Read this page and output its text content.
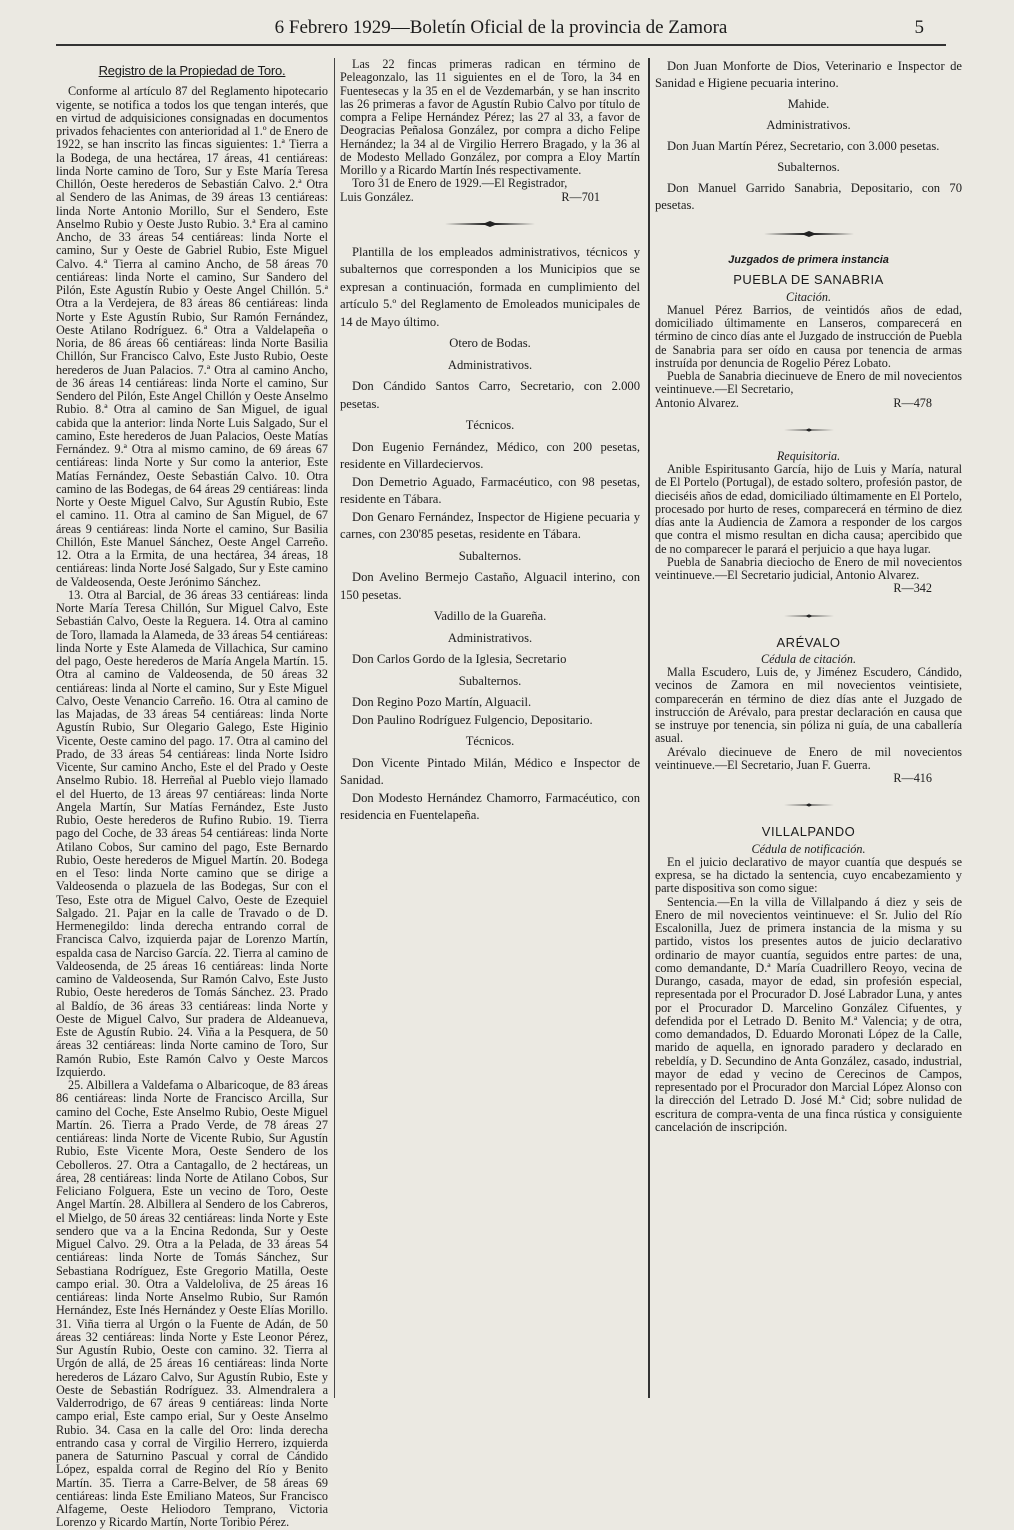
6 Febrero 1929—Boletín Oficial de la provincia de Zamora	5
Registro de la Propiedad de Toro.

Conforme al artículo 87 del Reglamento hipotecario vigente, se notifica a todos los que tengan interés, que en virtud de adquisiciones consignadas en documentos privados fehacientes con anterioridad al 1.º de Enero de 1922, se han inscrito las fincas siguientes: 1.ª Tierra a la Bodega, de una hectárea, 17 áreas, 41 centiáreas: linda Norte camino de Toro, Sur y Este María Teresa Chillón, Oeste herederos de Sebastián Calvo. 2.ª Otra al Sendero de las Animas, de 39 áreas 13 centiáreas: linda Norte Antonio Morillo, Sur el Sendero, Este Anselmo Rubio y Oeste Justo Rubio. 3.ª Era al camino Ancho, de 33 áreas 54 centiáreas: linda Norte el camino, Sur y Oeste de Gabriel Rubio, Este Miguel Calvo. 4.ª Tierra al camino Ancho, de 58 áreas 70 centiáreas: linda Norte el camino, Sur Sandero del Pilón, Este Agustín Rubio y Oeste Angel Chillón. 5.ª Otra a la Verdejera, de 83 áreas 86 centiáreas: linda Norte y Este Agustín Rubio, Sur Ramón Fernández, Oeste Atilano Rodríguez. 6.ª Otra a Valdelapeña o Noria, de 86 áreas 66 centiáreas: linda Norte Basilia Chillón, Sur Francisco Calvo, Este Justo Rubio, Oeste herederos de Juan Palacios. 7.ª Otra al camino Ancho, de 36 áreas 14 centiáreas: linda Norte el camino, Sur Sendero del Pilón, Este Angel Chillón y Oeste Anselmo Rubio. 8.ª Otra al camino de San Miguel, de igual cabida que la anterior: linda Norte Luis Salgado, Sur el camino, Este herederos de Juan Palacios, Oeste Matías Fernández. 9.ª Otra al mismo camino, de 69 áreas 67 centiáreas: linda Norte y Sur como la anterior, Este Matías Fernández, Oeste Sebastián Calvo. 10. Otra camino de las Bodegas, de 64 áreas 29 centiáreas: linda Norte y Oeste Miguel Calvo, Sur Agustín Rubio, Este el camino. 11. Otra al camino de San Miguel, de 67 áreas 9 centiáreas: linda Norte el camino, Sur Basilia Chillón, Este Manuel Sánchez, Oeste Angel Carreño. 12. Otra a la Ermita, de una hectárea, 34 áreas, 18 centiáreas: linda Norte José Salgado, Sur y Este camino de Valdeosenda, Oeste Jerónimo Sánchez.

13. Otra al Barcial, de 36 áreas 33 centiáreas: linda Norte María Teresa Chillón, Sur Miguel Calvo, Este Sebastián Calvo, Oeste la Reguera. 14. Otra al camino de Toro, llamada la Alameda, de 33 áreas 54 centiáreas: linda Norte y Este Alameda de Villachica, Sur camino del pago, Oeste herederos de María Angela Martín. 15. Otra al camino de Valdeosenda, de 50 áreas 32 centiáreas: linda al Norte el camino, Sur y Este Miguel Calvo, Oeste Venancio Carreño. 16. Otra al camino de las Majadas, de 33 áreas 54 centiáreas: linda Norte Agustín Rubio, Sur Olegario Galego, Este Higinio Vicente, Oeste camino del pago. 17. Otra al camino del Prado, de 33 áreas 54 centiáreas: linda Norte Isidro Vicente, Sur camino Ancho, Este el del Prado y Oeste Anselmo Rubio. 18. Herreñal al Pueblo viejo llamado el del Huerto, de 13 áreas 97 centiáreas: linda Norte Angela Martín, Sur Matías Fernández, Este Justo Rubio, Oeste herederos de Rufino Rubio. 19. Tierra pago del Coche, de 33 áreas 54 centiáreas: linda Norte Atilano Cobos, Sur camino del pago, Este Bernardo Rubio, Oeste herederos de Miguel Martín. 20. Bodega en el Teso: linda Norte camino que se dirige a Valdeosenda o plazuela de las Bodegas, Sur con el Teso, Este otra de Miguel Calvo, Oeste de Ezequiel Salgado. 21. Pajar en la calle de Travado o de D. Hermenegildo: linda derecha entrando corral de Francisca Calvo, izquierda pajar de Lorenzo Martín, espalda casa de Narciso García. 22. Tierra al camino de Valdeosenda, de 25 áreas 16 centiáreas: linda Norte camino de Valdeosenda, Sur Ramón Calvo, Este Justo Rubio, Oeste herederos de Tomás Sánchez. 23. Prado al Baldío, de 36 áreas 33 centiáreas: linda Norte y Oeste de Miguel Calvo, Sur pradera de Aldeanueva, Este de Agustín Rubio. 24. Viña a la Pesquera, de 50 áreas 32 centiáreas: linda Norte camino de Toro, Sur Ramón Rubio, Este Ramón Calvo y Oeste Marcos Izquierdo.

25. Albillera a Valdefama o Albaricoque, de 83 áreas 86 centiáreas: linda Norte de Francisco Arcilla, Sur camino del Coche, Este Anselmo Rubio, Oeste Miguel Martín. 26. Tierra a Prado Verde, de 78 áreas 27 centiáreas: linda Norte de Vicente Rubio, Sur Agustín Rubio, Este Vicente Mora, Oeste Sendero de los Cebolleros. 27. Otra a Cantagallo, de 2 hectáreas, un área, 28 centiáreas: linda Norte de Atilano Cobos, Sur Feliciano Folguera, Este un vecino de Toro, Oeste Angel Martín. 28. Albillera al Sendero de los Cabreros, el Mielgo, de 50 áreas 32 centiáreas: linda Norte y Este sendero que va a la Encina Redonda, Sur y Oeste Miguel Calvo. 29. Otra a la Pelada, de 33 áreas 54 centiáreas: linda Norte de Tomás Sánchez, Sur Sebastiana Rodríguez, Este Gregorio Matilla, Oeste campo erial. 30. Otra a Valdeloliva, de 25 áreas 16 centiáreas: linda Norte Anselmo Rubio, Sur Ramón Hernández, Este Inés Hernández y Oeste Elías Morillo. 31. Viña tierra al Urgón o la Fuente de Adán, de 50 áreas 32 centiáreas: linda Norte y Este Leonor Pérez, Sur Agustín Rubio, Oeste con camino. 32. Tierra al Urgón de allá, de 25 áreas 16 centiáreas: linda Norte herederos de Lázaro Calvo, Sur Agustín Rubio, Este y Oeste de Sebastián Rodríguez. 33. Almendralera a Valderrodrigo, de 67 áreas 9 centiáreas: linda Norte campo erial, Este campo erial, Sur y Oeste Anselmo Rubio. 34. Casa en la calle del Oro: linda derecha entrando casa y corral de Virgilio Herrero, izquierda panera de Saturnino Pascual y corral de Cándido López, espalda corral de Regino del Río y Benito Martín. 35. Tierra a Carre-Belver, de 58 áreas 69 centiáreas: linda Este Emiliano Mateos, Sur Francisco Alfageme, Oeste Heliodoro Temprano, Victoria Lorenzo y Ricardo Martín, Norte Toribio Pérez.

Las 22 fincas primeras radican en término de Peleagonzalo, las 11 siguientes en el de Toro, la 34 en Fuentesecas y la 35 en el de Vezdemarbán, y se han inscrito las 26 primeras a favor de Agustín Rubio Calvo por título de compra a Felipe Hernández Pérez; las 27 al 33, a favor de Deogracias Peñalosa González, por compra a dicho Felipe Hernández; la 34 al de Virgilio Herrero Bragado, y la 36 al de Modesto Mellado González, por compra a Eloy Martín Morillo y a Ricardo Martín Inés respectivamente.

Toro 31 de Enero de 1929.—El Registrador,

Luis González.	R—701

Plantilla de los empleados administrativos, técnicos y subalternos que corresponden a los Municipios que se expresan a continuación, formada en cumplimiento del artículo 5.º del Reglamento de Emoleados municipales de 14 de Mayo último.

Otero de Bodas.

Administrativos.

Don Cándido Santos Carro, Secretario, con 2.000 pesetas.

Técnicos.

Don Eugenio Fernández, Médico, con 200 pesetas, residente en Villardeciervos.

Don Demetrio Aguado, Farmacéutico, con 98 pesetas, residente en Tábara.

Don Genaro Fernández, Inspector de Higiene pecuaria y carnes, con 230'85 pesetas, residente en Tábara.

Subalternos.

Don Avelino Bermejo Castaño, Alguacil interino, con 150 pesetas.

Vadillo de la Guareña.

Administrativos.

Don Carlos Gordo de la Iglesia, Secretario

Subalternos.

Don Regino Pozo Martín, Alguacil.

Don Paulino Rodríguez Fulgencio, Depositario.

Técnicos.

Don Vicente Pintado Milán, Médico e Inspector de Sanidad.

Don Modesto Hernández Chamorro, Farmacéutico, con residencia en Fuentelapeña.

Don Juan Monforte de Dios, Veterinario e Inspector de Sanidad e Higiene pecuaria interino.

Mahide.

Administrativos.

Don Juan Martín Pérez, Secretario, con 3.000 pesetas.

Subalternos.

Don Manuel Garrido Sanabria, Depositario, con 70 pesetas.

Juzgados de primera instancia
PUEBLA DE SANABRIA

Citación.

Manuel Pérez Barrios, de veintidós años de edad, domiciliado últimamente en Lanseros, comparecerá en término de cinco días ante el Juzgado de instrucción de Puebla de Sanabria para ser oído en causa por tenencia de armas instruída por denuncia de Rogelio Pérez Lobato.

Puebla de Sanabria diecinueve de Enero de mil novecientos veintinueve.—El Secretario,

Antonio Alvarez.	R—478

Requisitoria.

Anible Espiritusanto García, hijo de Luis y María, natural de El Portelo (Portugal), de estado soltero, profesión pastor, de dieciséis años de edad, domiciliado últimamente en El Portelo, procesado por hurto de reses, comparecerá en término de diez días ante la Audiencia de Zamora a responder de los cargos que contra el mismo resultan en dicha causa; apercibido que de no comparecer le parará el perjuicio a que haya lugar.

Puebla de Sanabria dieciocho de Enero de mil novecientos veintinueve.—El Secretario judicial, Antonio Alvarez.

R—342
ARÉVALO

Cédula de citación.

Malla Escudero, Luis de, y Jiménez Escudero, Cándido, vecinos de Zamora en mil novecientos veintisiete, comparecerán en término de diez días ante el Juzgado de instrucción de Arévalo, para prestar declaración en causa que se instruye por tenencia, sin póliza ni guía, de una caballería asual.

Arévalo diecinueve de Enero de mil novecientos veintinueve.—El Secretario, Juan F. Guerra.

R—416
VILLALPANDO

Cédula de notificación.

En el juicio declarativo de mayor cuantía que después se expresa, se ha dictado la sentencia, cuyo encabezamiento y parte dispositiva son como sigue:

Sentencia.—En la villa de Villalpando á diez y seis de Enero de mil novecientos veintinueve: el Sr. Julio del Río Escalonilla, Juez de primera instancia de la misma y su partido, vistos los presentes autos de juicio declarativo ordinario de mayor cuantía, seguidos entre partes: de una, como demandante, D.ª María Cuadrillero Reoyo, vecina de Durango, casada, mayor de edad, sin profesión especial, representada por el Procurador D. José Labrador Luna, y antes por el Procurador D. Marcelino González Cifuentes, y defendida por el Letrado D. Benito M.ª Valencia; y de otra, como demandados, D. Eduardo Moronati López de la Calle, marido de aquella, en ignorado paradero y declarado en rebeldía, y D. Secundino de Anta González, casado, industrial, mayor de edad y vecino de Cerecinos de Campos, representado por el Procurador don Marcial López Alonso con la dirección del Letrado D. José M.ª Cid; sobre nulidad de escritura de compra-venta de una finca rústica y consiguiente cancelación de inscripción.
